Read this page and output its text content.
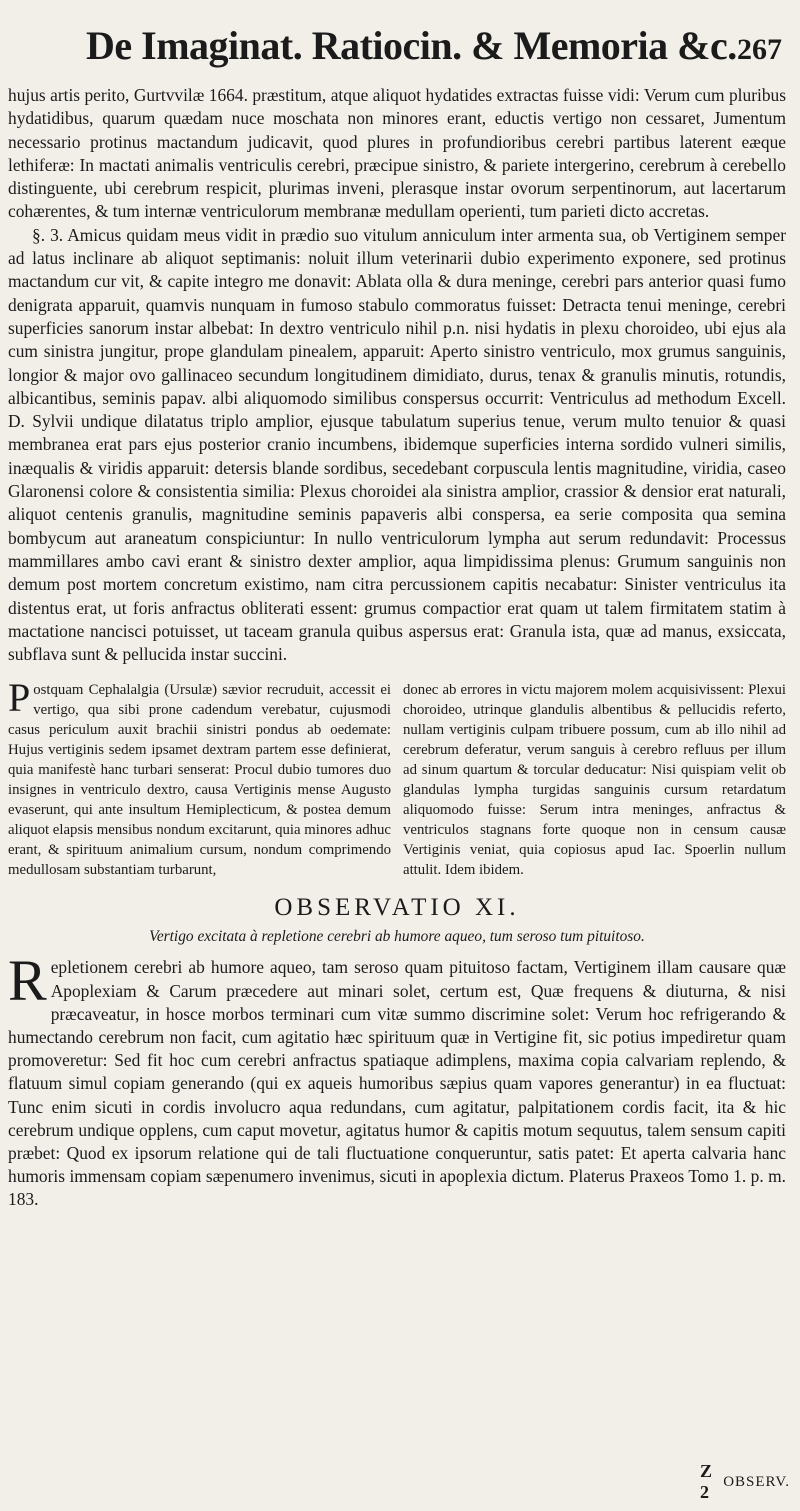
De Imaginat. Ratiocin. & Memoria &c. 267

hujus artis perito, Gurtvvilæ 1664. præstitum, atque aliquot hydatides extractas fuisse vidi: Verum cum pluribus hydatidibus, quarum quædam nuce moschata non minores erant, eductis vertigo non cessaret, Jumentum necessario protinus mactandum judicavit, quod plures in profundioribus cerebri partibus laterent eæque lethiferæ: In mactati animalis ventriculis cerebri, præcipue sinistro, & pariete intergerino, cerebrum à cerebello distinguente, ubi cerebrum respicit, plurimas inveni, plerasque instar ovorum serpentinorum, aut lacertarum cohærentes, & tum internæ ventriculorum membranæ medullam operienti, tum parieti dicto accretas.

§. 3. Amicus quidam meus vidit in prædio suo vitulum anniculum inter armenta sua, ob Vertiginem semper ad latus inclinare ab aliquot septimanis: noluit illum veterinarii dubio experimento exponere, sed protinus mactandum cur vit, & capite integro me donavit: Ablata olla & dura meninge, cerebri pars anterior quasi fumo denigrata apparuit, quamvis nunquam in fumoso stabulo commoratus fuisset: Detracta tenui meninge, cerebri superficies sanorum instar albebat: In dextro ventriculo nihil p.n. nisi hydatis in plexu choroideo, ubi ejus ala cum sinistra jungitur, prope glandulam pinealem, apparuit: Aperto sinistro ventriculo, mox grumus sanguinis, longior & major ovo gallinaceo secundum longitudinem dimidiato, durus, tenax & granulis minutis, rotundis, albicantibus, seminis papav. albi aliquomodo similibus conspersus occurrit: Ventriculus ad methodum Excell. D. Sylvii undique dilatatus triplo amplior, ejusque tabulatum superius tenue, verum multo tenuior & quasi membranea erat pars ejus posterior cranio incumbens, ibidemque superficies interna sordido vulneri similis, inæqualis & viridis apparuit: detersis blande sordibus, secedebant corpuscula lentis magnitudine, viridia, caseo Glaronensi colore & consistentia similia: Plexus choroidei ala sinistra amplior, crassior & densior erat naturali, aliquot centenis granulis, magnitudine seminis papaveris albi conspersa, ea serie composita qua semina bombycum aut araneatum conspiciuntur: In nullo ventriculorum lympha aut serum redundavit: Processus mammillares ambo cavi erant & sinistro dexter amplior, aqua limpidissima plenus: Grumum sanguinis non demum post mortem concretum existimo, nam citra percussionem capitis necabatur: Sinister ventriculus ita distentus erat, ut foris anfractus obliterati essent: grumus compactior erat quam ut talem firmitatem statim à mactatione nancisci potuisset, ut taceam granula quibus aspersus erat: Granula ista, quæ ad manus, exsiccata, subflava sunt & pellucida instar succini.

Postquam Cephalalgia (Ursulæ) sævior recruduit, accessit ei vertigo, qua sibi prone cadendum verebatur, cujusmodi casus periculum auxit brachii sinistri pondus ab oedemate: Hujus vertiginis sedem ipsamet dextram partem esse definierat, quia manifestè hanc turbari senserat: Procul dubio tumores duo insignes in ventriculo dextro, causa Vertiginis mense Augusto evaserunt, qui ante insultum Hemiplecticum, & postea demum aliquot elapsis mensibus nondum excitarunt, quia minores adhuc erant, & spirituum animalium cursum, nondum comprimendo medullosam substantiam turbarunt,

donec ab errores in victu majorem molem acquisivissent: Plexui choroideo, utrinque glandulis albentibus & pellucidis referto, nullam vertiginis culpam tribuere possum, cum ab illo nihil ad cerebrum deferatur, verum sanguis à cerebro refluus per illum ad sinum quartum & torcular deducatur: Nisi quispiam velit ob glandulas lympha turgidas sanguinis cursum retardatum aliquomodo fuisse: Serum intra meninges, anfractus & ventriculos stagnans forte quoque non in censum causæ Vertiginis veniat, quia copiosus apud Iac. Spoerlin nullum attulit. Idem ibidem.

OBSERVATIO XI.
Vertigo excitata à repletione cerebri ab humore aqueo, tum seroso tum pituitoso.

Repletionem cerebri ab humore aqueo, tam seroso quam pituitoso factam, Vertiginem illam causare quæ Apoplexiam & Carum præcedere aut minari solet, certum est, Quæ frequens & diuturna, & nisi præcaveatur, in hosce morbos terminari cum vitæ summo discrimine solet: Verum hoc refrigerando & humectando cerebrum non facit, cum agitatio hæc spirituum quæ in Vertigine fit, sic potius impediretur quam promoveretur: Sed fit hoc cum cerebri anfractus spatiaque adimplens, maxima copia calvariam replendo, & flatuum simul copiam generando (qui ex aqueis humoribus sæpius quam vapores generantur) in ea fluctuat: Tunc enim sicuti in cordis involucro aqua redundans, cum agitatur, palpitationem cordis facit, ita & hic cerebrum undique opplens, cum caput movetur, agitatus humor & capitis motum sequutus, talem sensum capiti præbet: Quod ex ipsorum relatione qui de tali fluctuatione conqueruntur, satis patet: Et aperta calvaria hanc humoris immensam copiam sæpenumero invenimus, sicuti in apoplexia dictum. Platerus Praxeos Tomo 1. p. m. 183.

Z 2
OBSERV.
